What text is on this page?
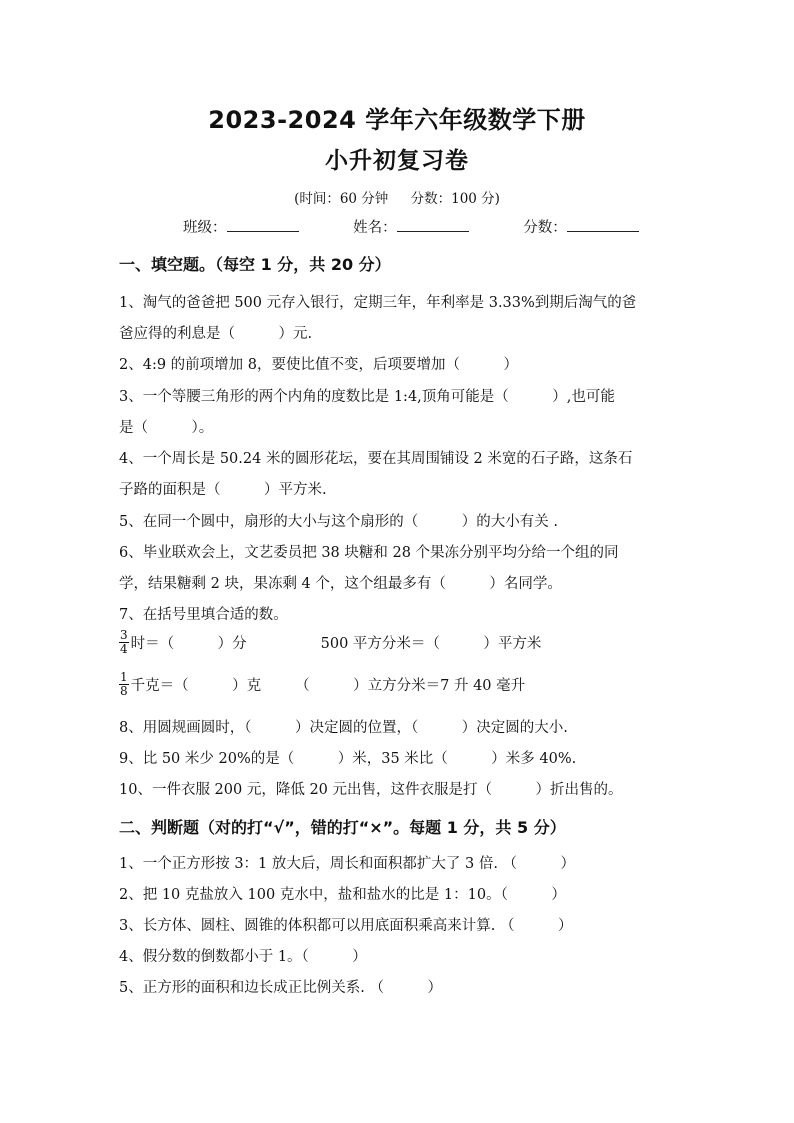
2023-2024 学年六年级数学下册
小升初复习卷
(时间：60 分钟 分数：100 分)
班级：	姓名：	分数：
一、填空题。（每空 1 分，共 20 分）
1、淘气的爸爸把 500 元存入银行，定期三年，年利率是 3.33%到期后淘气的爸
爸应得的利息是（　　　）元.
2、4:9 的前项增加 8，要使比值不变，后项要增加（　　　）
3、一个等腰三角形的两个内角的度数比是 1:4,顶角可能是（　　　）,也可能
是（　　　）。
4、一个周长是 50.24 米的圆形花坛，要在其周围铺设 2 米宽的石子路，这条石
子路的面积是（　　　）平方米.
5、在同一个圆中，扇形的大小与这个扇形的（　　　）的大小有关 .
6、毕业联欢会上，文艺委员把 38 块糖和 28 个果冻分别平均分给一个组的同
学，结果糖剩 2 块，果冻剩 4 个，这个组最多有（　　　）名同学。
7、在括号里填合适的数。
$\frac{3}{4}$ 时＝（　　　）分	500 平方分米＝（　　　）平方米
$\frac{1}{8}$ 千克＝（　　　）克 （　　　）立方分米＝7 升 40 毫升
8、用圆规画圆时，（　　　）决定圆的位置，（　　　）决定圆的大小.
9、比 50 米少 20%的是（　　　）米，35 米比（　　　）米多 40%.
10、一件衣服 200 元，降低 20 元出售，这件衣服是打（　　　）折出售的。
二、判断题（对的打“√”，错的打“×”。每题 1 分，共 5 分）
1、一个正方形按 3：1 放大后，周长和面积都扩大了 3 倍. （　　　）
2、把 10 克盐放入 100 克水中，盐和盐水的比是 1：10。（　　　）
3、长方体、圆柱、圆锥的体积都可以用底面积乘高来计算. （　　　）
4、假分数的倒数都小于 1。（　　　）
5、正方形的面积和边长成正比例关系. （　　　）
